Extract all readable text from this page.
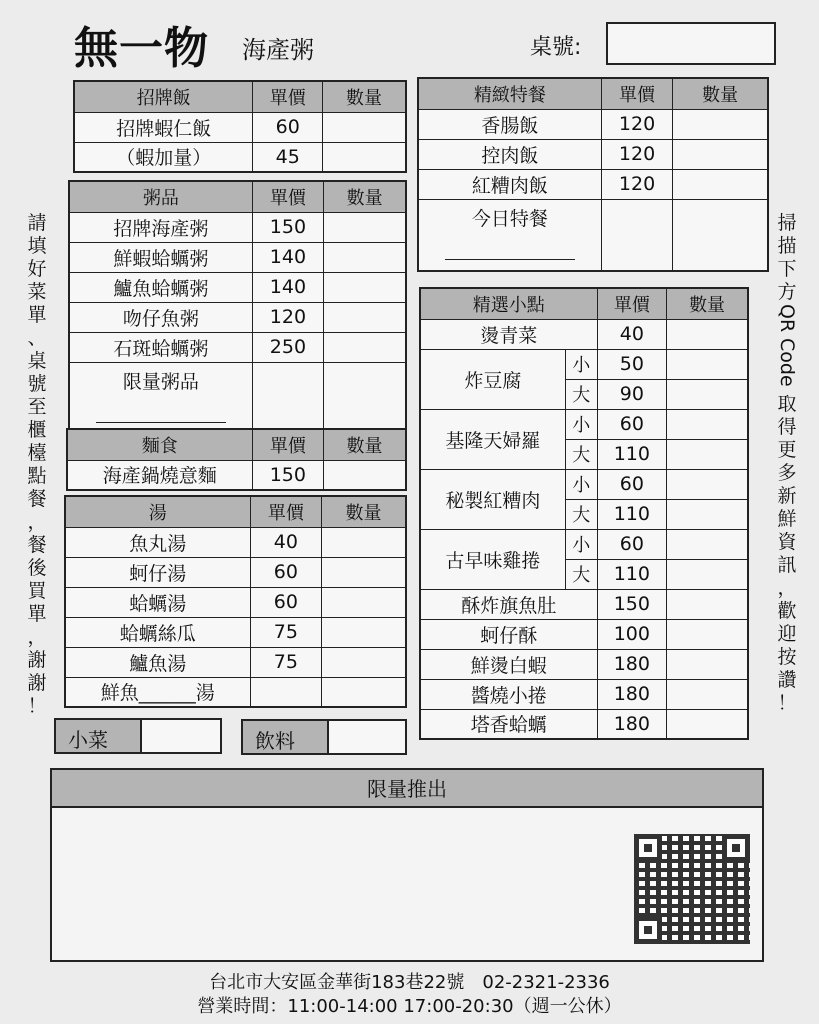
無一物 海產粥	桌號:
招牌飯	單價	數量
招牌蝦仁飯	60	
（蝦加量）	45	
粥品	單價	數量
招牌海產粥	150	
鮮蝦蛤蠣粥	140	
鱸魚蛤蠣粥	140	
吻仔魚粥	120	
石斑蛤蠣粥	250	

限量粥品		

麵食	單價	數量
海產鍋燒意麵	150	
湯	單價	數量
魚丸湯	40	
蚵仔湯	60	
蛤蠣湯	60	
蛤蠣絲瓜	75	
鱸魚湯	75	
鮮魚______湯		
小菜	飲料
精緻特餐	單價	數量
香腸飯	120	
控肉飯	120	
紅糟肉飯	120	

今日特餐		

精選小點		單價	數量
燙青菜		40	
炸豆腐	小	50	
	大	90	
基隆天婦羅	小	60	
	大	110	
秘製紅糟肉	小	60	
	大	110	
古早味雞捲	小	60	
	大	110	
酥炸旗魚肚		150	
蚵仔酥		100	
鮮燙白蝦		180	
醬燒小捲		180	
塔香蛤蠣		180	
請
填
好
菜
單
、
桌
號
至
櫃
檯
點
餐
，
餐
後
買
單
，
謝
謝
！
掃
描
下
方
QRCode
取
得
更
多
新
鮮
資
訊
，
歡
迎
按
讚
！
限量推出
台北市大安區金華街183巷22號　02-2321-2336
營業時間：11:00-14:00 17:00-20:30（週一公休）
